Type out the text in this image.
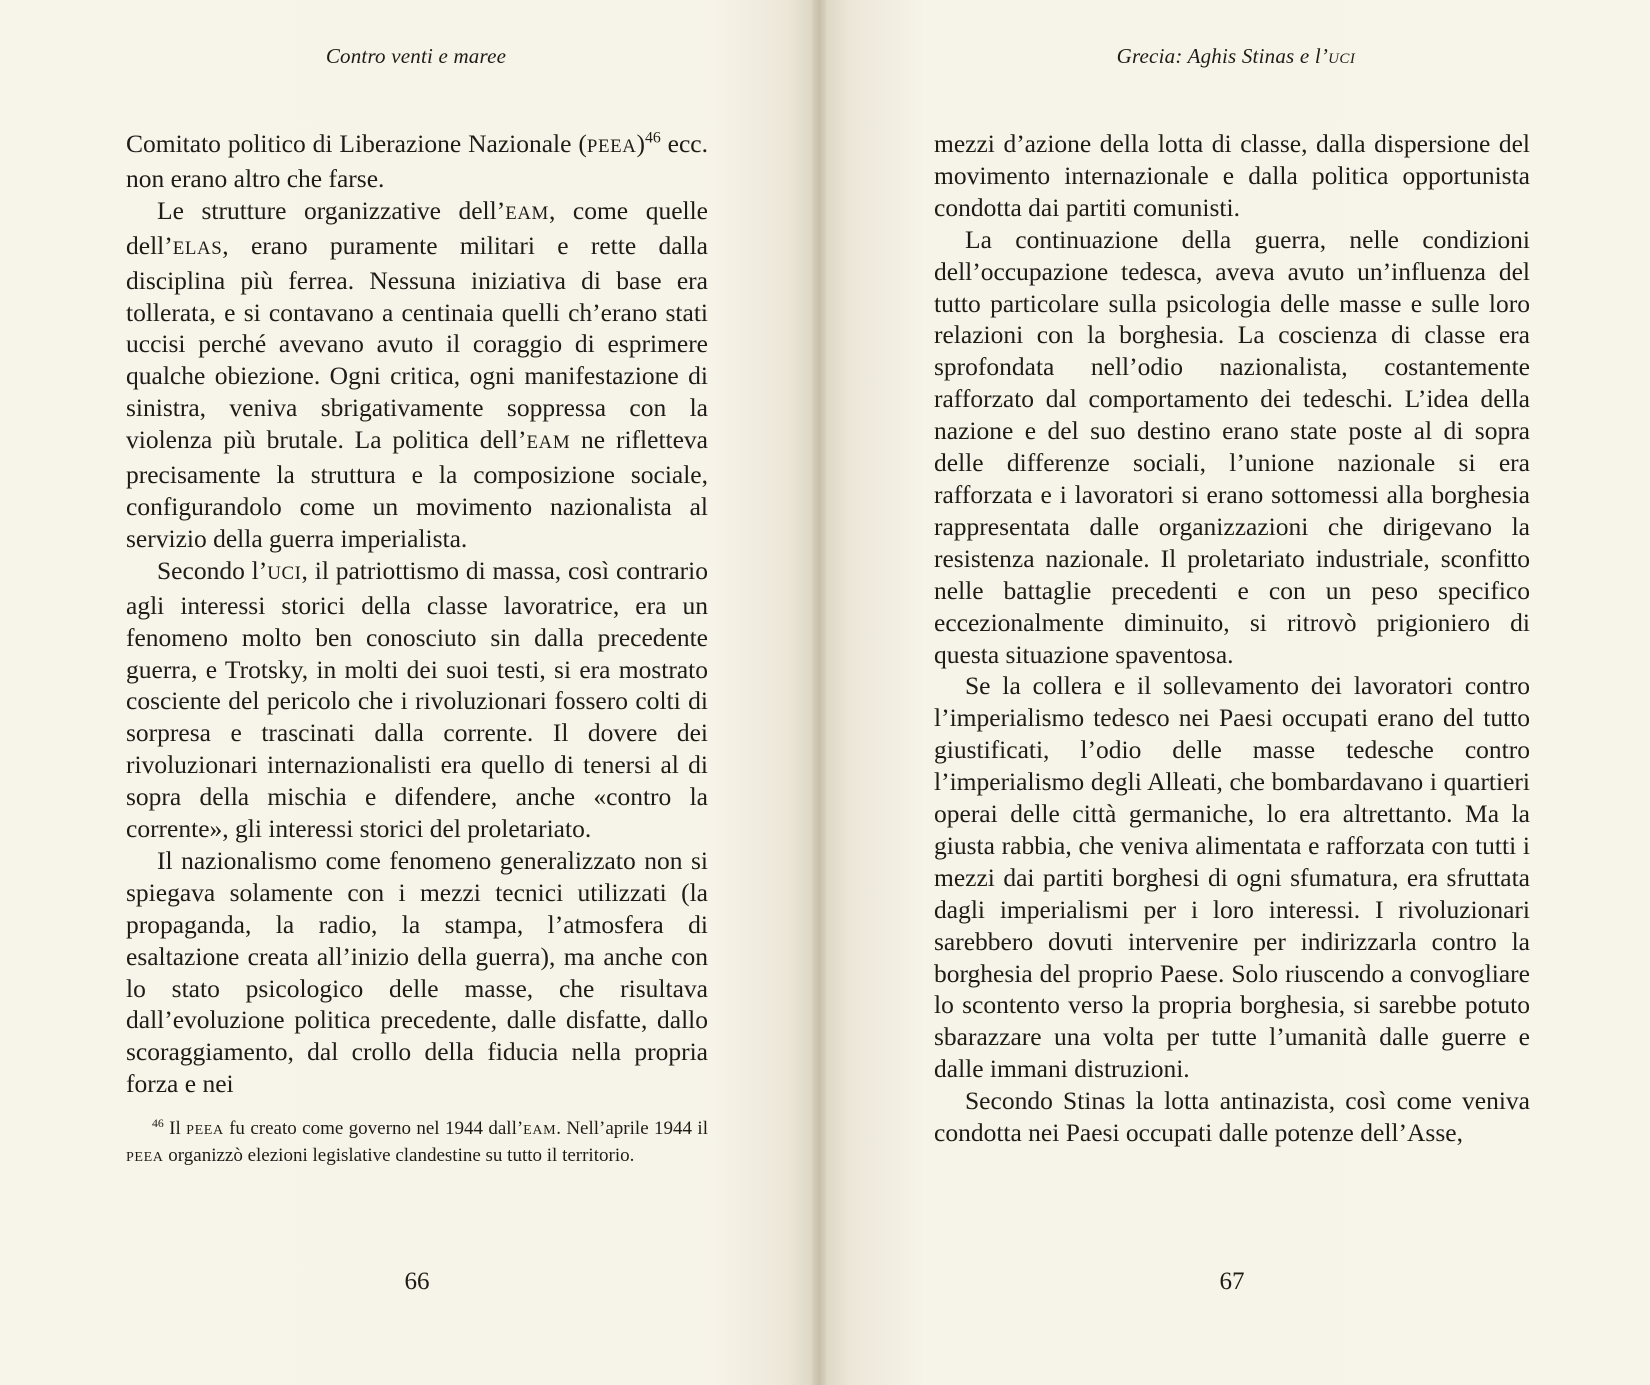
Contro venti e maree

Comitato politico di Liberazione Nazionale (PEEA)$^{46}$ ecc. non erano altro che farse.

Le strutture organizzative dell’EAM, come quelle dell’ELAS, erano puramente militari e rette dalla disciplina più ferrea. Nessuna iniziativa di base era tollerata, e si contavano a centinaia quelli ch’erano stati uccisi perché avevano avuto il coraggio di esprimere qualche obiezione. Ogni critica, ogni manifestazione di sinistra, veniva sbrigativamente soppressa con la violenza più brutale. La politica dell’EAM ne rifletteva precisamente la struttura e la composizione sociale, configurandolo come un movimento nazionalista al servizio della guerra imperialista.

Secondo l’UCI, il patriottismo di massa, così contrario agli interessi storici della classe lavoratrice, era un fenomeno molto ben conosciuto sin dalla precedente guerra, e Trotsky, in molti dei suoi testi, si era mostrato cosciente del pericolo che i rivoluzionari fossero colti di sorpresa e trascinati dalla corrente. Il dovere dei rivoluzionari internazionalisti era quello di tenersi al di sopra della mischia e difendere, anche «contro la corrente», gli interessi storici del proletariato.

Il nazionalismo come fenomeno generalizzato non si spiegava solamente con i mezzi tecnici utilizzati (la propaganda, la radio, la stampa, l’atmosfera di esaltazione creata all’inizio della guerra), ma anche con lo stato psicologico delle masse, che risultava dall’evoluzione politica precedente, dalle disfatte, dallo scoraggiamento, dal crollo della fiducia nella propria forza e nei

$^{46}$ Il PEEA fu creato come governo nel 1944 dall’EAM. Nell’aprile 1944 il PEEA organizzò elezioni legislative clandestine su tutto il territorio.

66
Grecia: Aghis Stinas e l’UCI

mezzi d’azione della lotta di classe, dalla dispersione del movimento internazionale e dalla politica opportunista condotta dai partiti comunisti.

La continuazione della guerra, nelle condizioni dell’occupazione tedesca, aveva avuto un’influenza del tutto particolare sulla psicologia delle masse e sulle loro relazioni con la borghesia. La coscienza di classe era sprofondata nell’odio nazionalista, costantemente rafforzato dal comportamento dei tedeschi. L’idea della nazione e del suo destino erano state poste al di sopra delle differenze sociali, l’unione nazionale si era rafforzata e i lavoratori si erano sottomessi alla borghesia rappresentata dalle organizzazioni che dirigevano la resistenza nazionale. Il proletariato industriale, sconfitto nelle battaglie precedenti e con un peso specifico eccezionalmente diminuito, si ritrovò prigioniero di questa situazione spaventosa.

Se la collera e il sollevamento dei lavoratori contro l’imperialismo tedesco nei Paesi occupati erano del tutto giustificati, l’odio delle masse tedesche contro l’imperialismo degli Alleati, che bombardavano i quartieri operai delle città germaniche, lo era altrettanto. Ma la giusta rabbia, che veniva alimentata e rafforzata con tutti i mezzi dai partiti borghesi di ogni sfumatura, era sfruttata dagli imperialismi per i loro interessi. I rivoluzionari sarebbero dovuti intervenire per indirizzarla contro la borghesia del proprio Paese. Solo riuscendo a convogliare lo scontento verso la propria borghesia, si sarebbe potuto sbarazzare una volta per tutte l’umanità dalle guerre e dalle immani distruzioni.

Secondo Stinas la lotta antinazista, così come veniva condotta nei Paesi occupati dalle potenze dell’Asse,

67
